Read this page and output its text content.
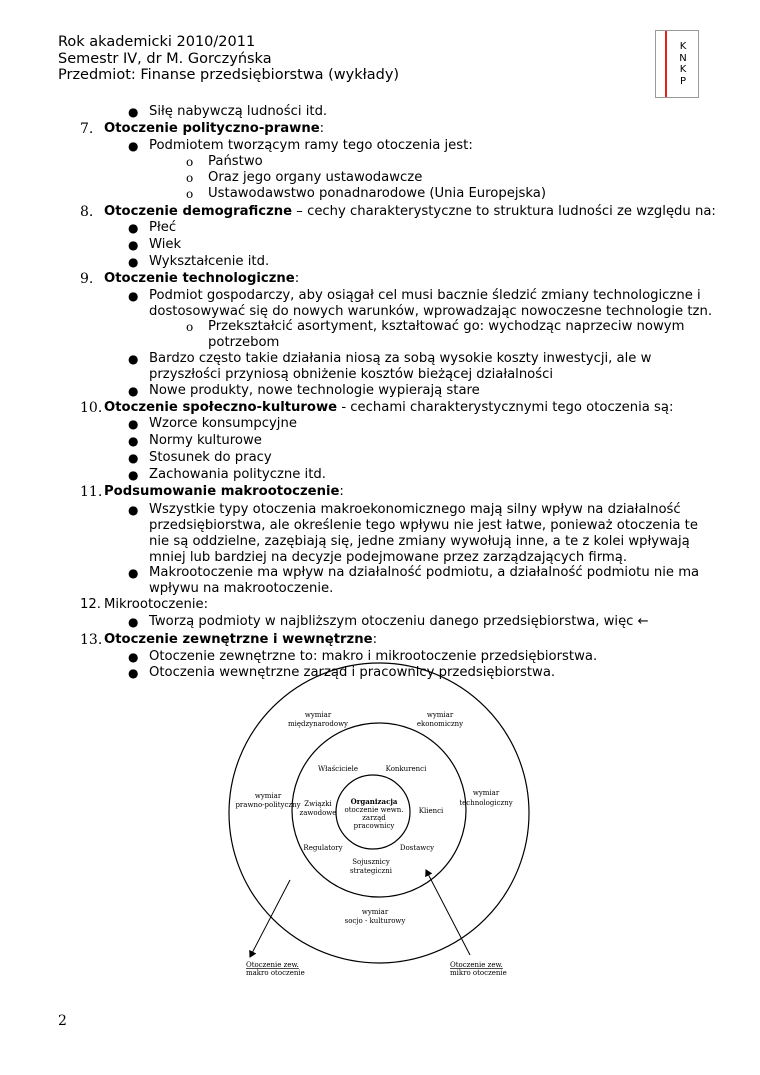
Rok akademicki 2010/2011
Semestr IV, dr M. Gorczyńska
Przedmiot: Finanse przedsiębiorstwa (wykłady)
K
N
K
P
● Siłę nabywczą ludności itd.
7. Otoczenie polityczno-prawne:
● Podmiotem tworzącym ramy tego otoczenia jest:
o Państwo
o Oraz jego organy ustawodawcze
o Ustawodawstwo ponadnarodowe (Unia Europejska)
8. Otoczenie demograficzne – cechy charakterystyczne to struktura ludności ze względu na:
● Płeć
● Wiek
● Wykształcenie itd.
9. Otoczenie technologiczne:
● Podmiot gospodarczy, aby osiągał cel musi bacznie śledzić zmiany technologiczne i
dostosowywać się do nowych warunków, wprowadzając nowoczesne technologie tzn.
o Przekształcić asortyment, kształtować go: wychodząc naprzeciw nowym
potrzebom
● Bardzo często takie działania niosą za sobą wysokie koszty inwestycji, ale w
przyszłości przyniosą obniżenie kosztów bieżącej działalności
● Nowe produkty, nowe technologie wypierają stare
10. Otoczenie społeczno-kulturowe - cechami charakterystycznymi tego otoczenia są:
● Wzorce konsumpcyjne
● Normy kulturowe
● Stosunek do pracy
● Zachowania polityczne itd.
11. Podsumowanie makrootoczenie:
● Wszystkie typy otoczenia makroekonomicznego mają silny wpływ na działalność
przedsiębiorstwa, ale określenie tego wpływu nie jest łatwe, ponieważ otoczenia te
nie są oddzielne, zazębiają się, jedne zmiany wywołują inne, a te z kolei wpływają
mniej lub bardziej na decyzje podejmowane przez zarządzających firmą.
● Makrootoczenie ma wpływ na działalność podmiotu, a działalność podmiotu nie ma
wpływu na makrootoczenie.
12. Mikrootoczenie:
● Tworzą podmioty w najbliższym otoczeniu danego przedsiębiorstwa, więc ←
13. Otoczenie zewnętrzne i wewnętrzne:
● Otoczenie zewnętrzne to: makro i mikrootoczenie przedsiębiorstwa.
● Otoczenia wewnętrzne zarząd i pracownicy przedsiębiorstwa.
wymiar
międzynarodowy
wymiar
ekonomiczny
wymiar
prawno-polityczny
wymiar
technologiczny
wymiar
socjo - kulturowy
Właściciele	Konkurenci
Związki
zawodowe	Klienci
Regulatory	Dostawcy
Sojusznicy
strategiczni
Organizacja
otoczenie wewn.
zarząd
pracownicy
Otoczenie zew.
makro otoczenie
Otoczenie zew.
mikro otoczenie
2
